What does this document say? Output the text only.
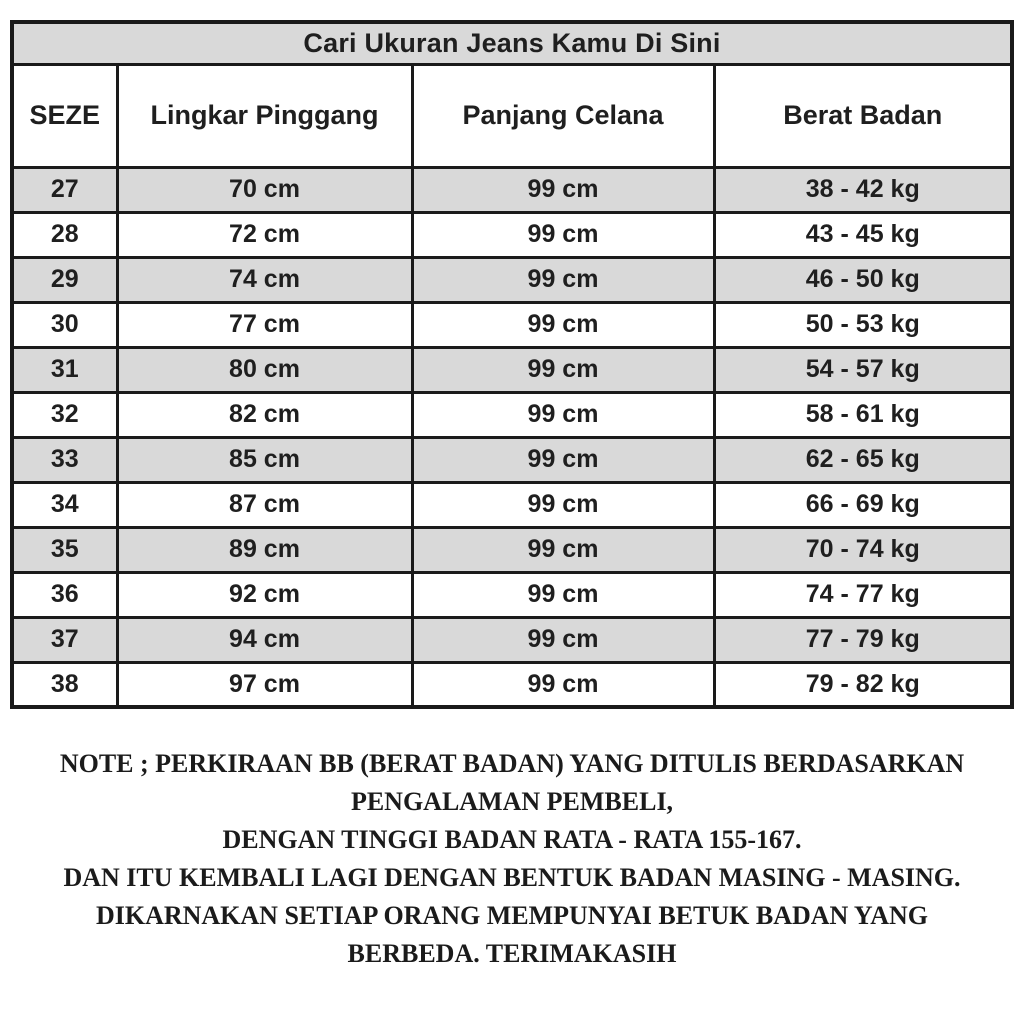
Cari Ukuran Jeans Kamu Di Sini			
SEZE	Lingkar Pinggang	Panjang Celana	Berat Badan
27	70 cm	99 cm	38 - 42 kg
28	72 cm	99 cm	43 - 45 kg
29	74 cm	99 cm	46 - 50 kg
30	77 cm	99 cm	50 - 53 kg
31	80 cm	99 cm	54 - 57 kg
32	82 cm	99 cm	58 - 61 kg
33	85 cm	99 cm	62 - 65 kg
34	87 cm	99 cm	66 - 69 kg
35	89 cm	99 cm	70 - 74 kg
36	92 cm	99 cm	74 - 77 kg
37	94 cm	99 cm	77 - 79 kg
38	97 cm	99 cm	79 - 82 kg
NOTE ; PERKIRAAN BB (BERAT BADAN) YANG DITULIS BERDASARKAN
PENGALAMAN PEMBELI,
DENGAN TINGGI BADAN RATA - RATA 155-167.
DAN ITU KEMBALI LAGI DENGAN BENTUK BADAN MASING - MASING.
DIKARNAKAN SETIAP ORANG MEMPUNYAI BETUK BADAN YANG
BERBEDA. TERIMAKASIH
